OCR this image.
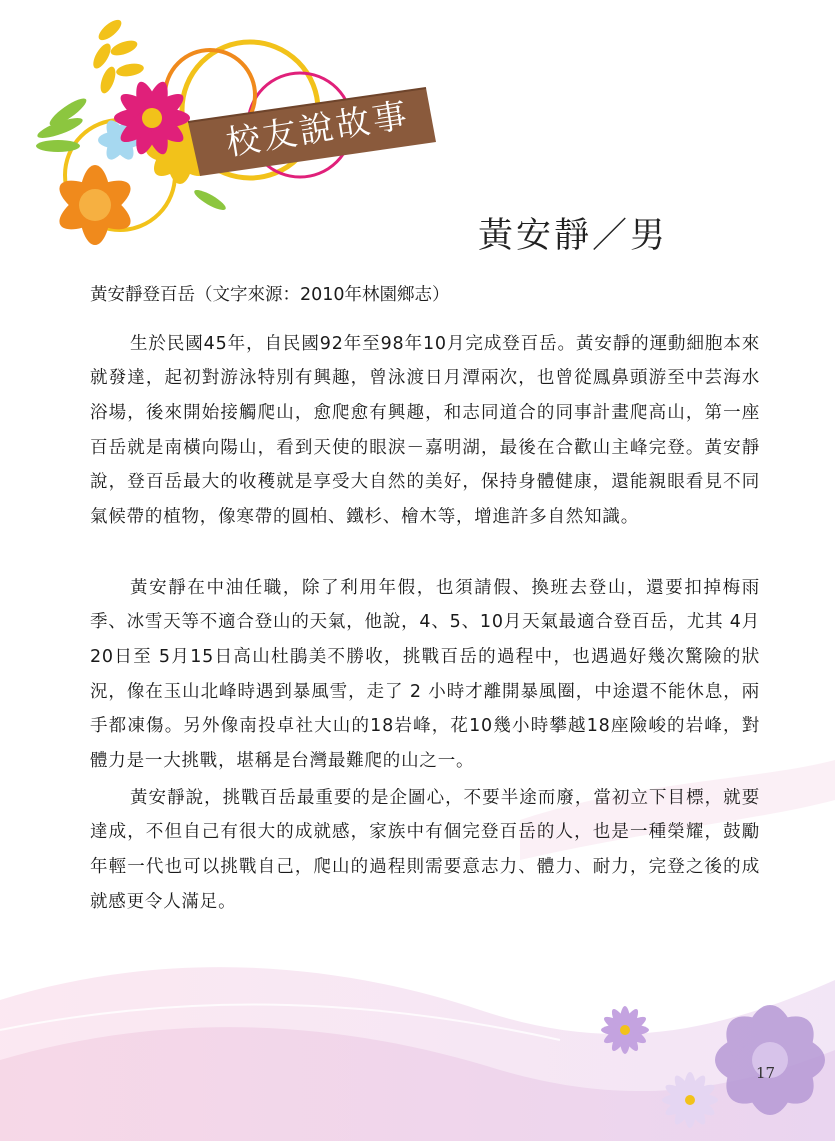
校友說故事
黃安靜／男
黃安靜登百岳（文字來源：2010年林園鄉志）

生於民國45年，自民國92年至98年10月完成登百岳。黃安靜的運動細胞本來就發達，起初對游泳特別有興趣，曾泳渡日月潭兩次，也曾從鳳鼻頭游至中芸海水浴場，後來開始接觸爬山，愈爬愈有興趣，和志同道合的同事計畫爬高山，第一座百岳就是南橫向陽山，看到天使的眼淚－嘉明湖，最後在合歡山主峰完登。黃安靜說，登百岳最大的收穫就是享受大自然的美好，保持身體健康，還能親眼看見不同氣候帶的植物，像寒帶的圓柏、鐵杉、檜木等，增進許多自然知識。

黃安靜在中油任職，除了利用年假，也須請假、換班去登山，還要扣掉梅雨季、冰雪天等不適合登山的天氣，他說，4、5、10月天氣最適合登百岳，尤其 4月20日至 5月15日高山杜鵑美不勝收，挑戰百岳的過程中，也遇過好幾次驚險的狀況，像在玉山北峰時遇到暴風雪，走了 2 小時才離開暴風圈，中途還不能休息，兩手都凍傷。另外像南投卓社大山的18岩峰，花10幾小時攀越18座險峻的岩峰，對體力是一大挑戰，堪稱是台灣最難爬的山之一。

黃安靜說，挑戰百岳最重要的是企圖心，不要半途而廢，當初立下目標，就要達成，不但自己有很大的成就感，家族中有個完登百岳的人，也是一種榮耀，鼓勵年輕一代也可以挑戰自己，爬山的過程則需要意志力、體力、耐力，完登之後的成就感更令人滿足。

17
